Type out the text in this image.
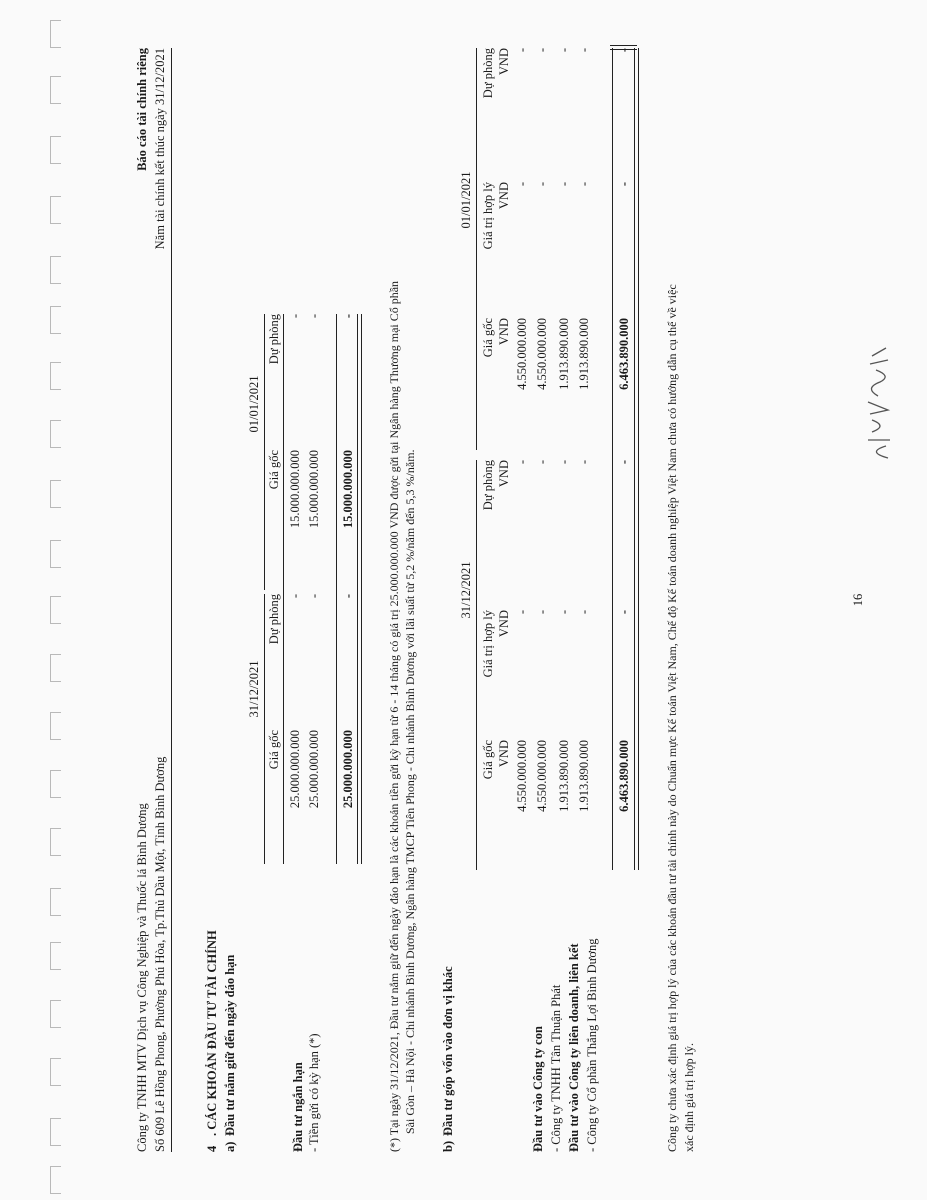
Công ty TNHH MTV Dịch vụ Công Nghiệp và Thuốc lá Bình Dương Số 609 Lê Hồng Phong, Phường Phú Hòa, Tp.Thủ Dầu Một, Tỉnh Bình Dương
Báo cáo tài chính riêng Năm tài chính kết thúc ngày 31/12/2021
4
. CÁC KHOẢN ĐẦU TƯ TÀI CHÍNH
a)
Đầu tư nắm giữ đến ngày đáo hạn
31/12/2021
01/01/2021
Giá gốc
Dự phòng
Giá gốc
Dự phòng
Đầu tư ngắn hạn
25.000.000.000
-
15.000.000.000
-
- Tiền gửi có kỳ hạn (*)
25.000.000.000
-
15.000.000.000
-
25.000.000.000
-
15.000.000.000
-	(*) Tại ngày 31/12/2021, Đầu tư nắm giữ đến ngày đáo hạn là các khoản tiền gửi kỳ hạn từ 6 - 14 tháng có giá trị 25.000.000.000 VND được gửi tại Ngân hàng Thương mại Cổ phần Sài Gòn – Hà Nội - Chi nhánh Bình Dương, Ngân hàng TMCP Tiên Phong - Chi nhánh Bình Dương với lãi suất từ 5,2 %/năm đến 5,3 %/năm.
b)
Đầu tư góp vốn vào đơn vị khác
31/12/2021
01/01/2021
Giá gốc
Giá trị hợp lý
Dự phòng
Giá gốc
Giá trị hợp lý
Dự phòng
VND
VND
VND
VND
VND
VND
Đầu tư vào Công ty con
4.550.000.000
-
-
4.550.000.000
-
-
- Công ty TNHH Tân Thuận Phát
4.550.000.000
-
-
4.550.000.000
-
-
Đầu tư vào Công ty liên doanh, liên kết
1.913.890.000
-
-
1.913.890.000
-
-
- Công ty Cổ phần Thắng Lợi Bình Dương
1.913.890.000
-
-
1.913.890.000
-
-
6.463.890.000
-
-
6.463.890.000
-
-
Công ty chưa xác định giá trị hợp lý của các khoản đầu tư tài chính này do Chuẩn mực Kế toán Việt Nam, Chế độ Kế toán doanh nghiệp Việt Nam chưa có hướng dẫn cụ thể về việc xác định giá trị hợp lý.
16
